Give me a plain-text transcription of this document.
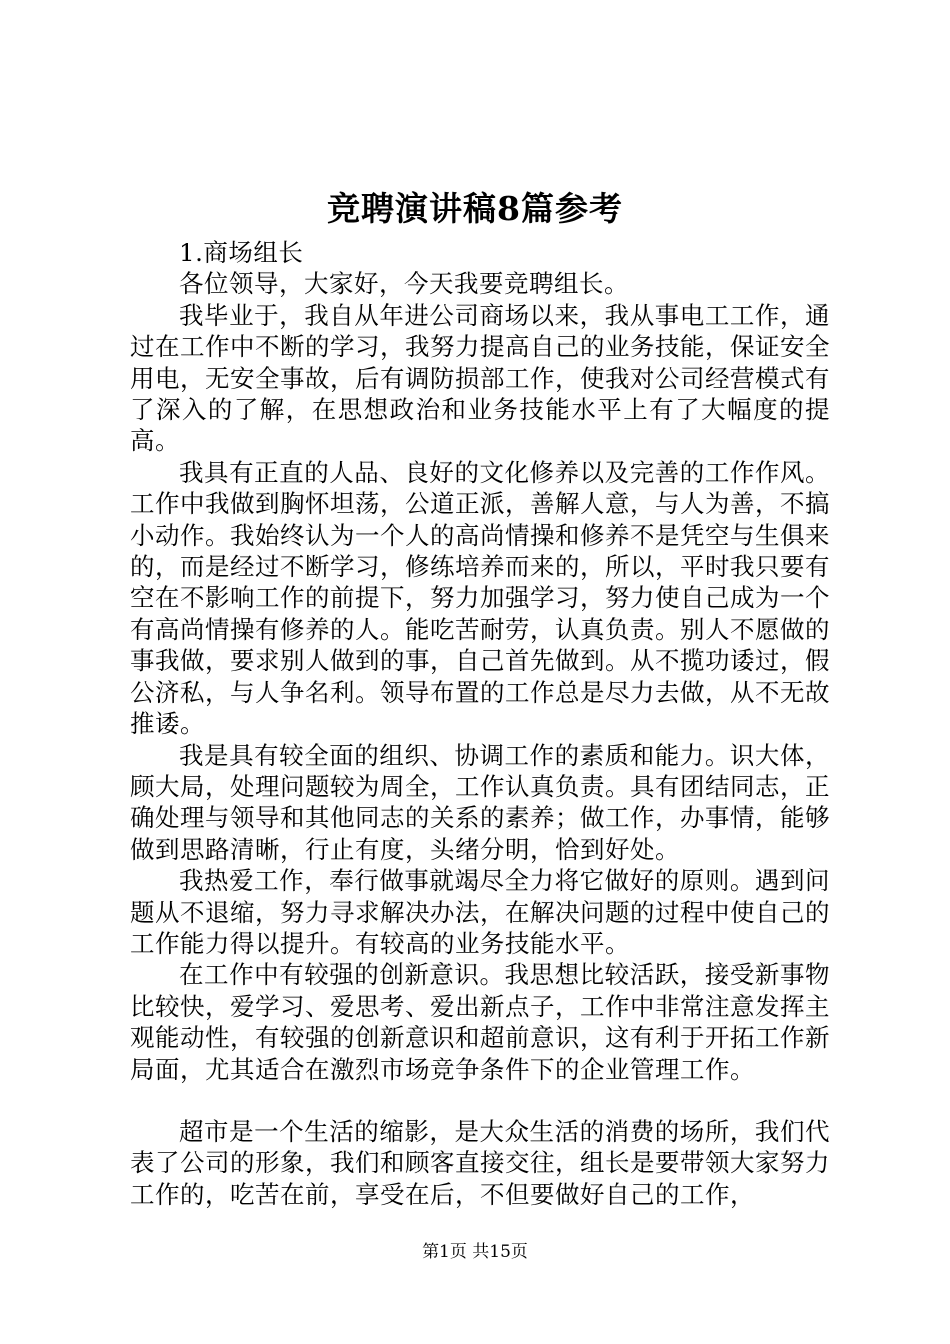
竞聘演讲稿8篇参考

1.商场组长

各位领导，大家好，今天我要竞聘组长。

我毕业于，我自从年进公司商场以来，我从事电工工作，通过在工作中不断的学习，我努力提高自己的业务技能，保证安全用电，无安全事故，后有调防损部工作，使我对公司经营模式有了深入的了解，在思想政治和业务技能水平上有了大幅度的提高。

我具有正直的人品、良好的文化修养以及完善的工作作风。工作中我做到胸怀坦荡，公道正派，善解人意，与人为善，不搞小动作。我始终认为一个人的高尚情操和修养不是凭空与生俱来的，而是经过不断学习，修练培养而来的，所以，平时我只要有空在不影响工作的前提下，努力加强学习，努力使自己成为一个有高尚情操有修养的人。能吃苦耐劳，认真负责。别人不愿做的事我做，要求别人做到的事，自己首先做到。从不揽功诿过，假公济私，与人争名利。领导布置的工作总是尽力去做，从不无故推诿。

我是具有较全面的组织、协调工作的素质和能力。识大体，顾大局，处理问题较为周全，工作认真负责。具有团结同志，正确处理与领导和其他同志的关系的素养；做工作，办事情，能够做到思路清晰，行止有度，头绪分明，恰到好处。

我热爱工作，奉行做事就竭尽全力将它做好的原则。遇到问题从不退缩，努力寻求解决办法，在解决问题的过程中使自己的工作能力得以提升。有较高的业务技能水平。

在工作中有较强的创新意识。我思想比较活跃，接受新事物比较快，爱学习、爱思考、爱出新点子，工作中非常注意发挥主观能动性，有较强的创新意识和超前意识，这有利于开拓工作新局面，尤其适合在激烈市场竞争条件下的企业管理工作。

超市是一个生活的缩影，是大众生活的消费的场所，我们代表了公司的形象，我们和顾客直接交往，组长是要带领大家努力工作的，吃苦在前，享受在后，不但要做好自己的工作，

第1页 共15页
